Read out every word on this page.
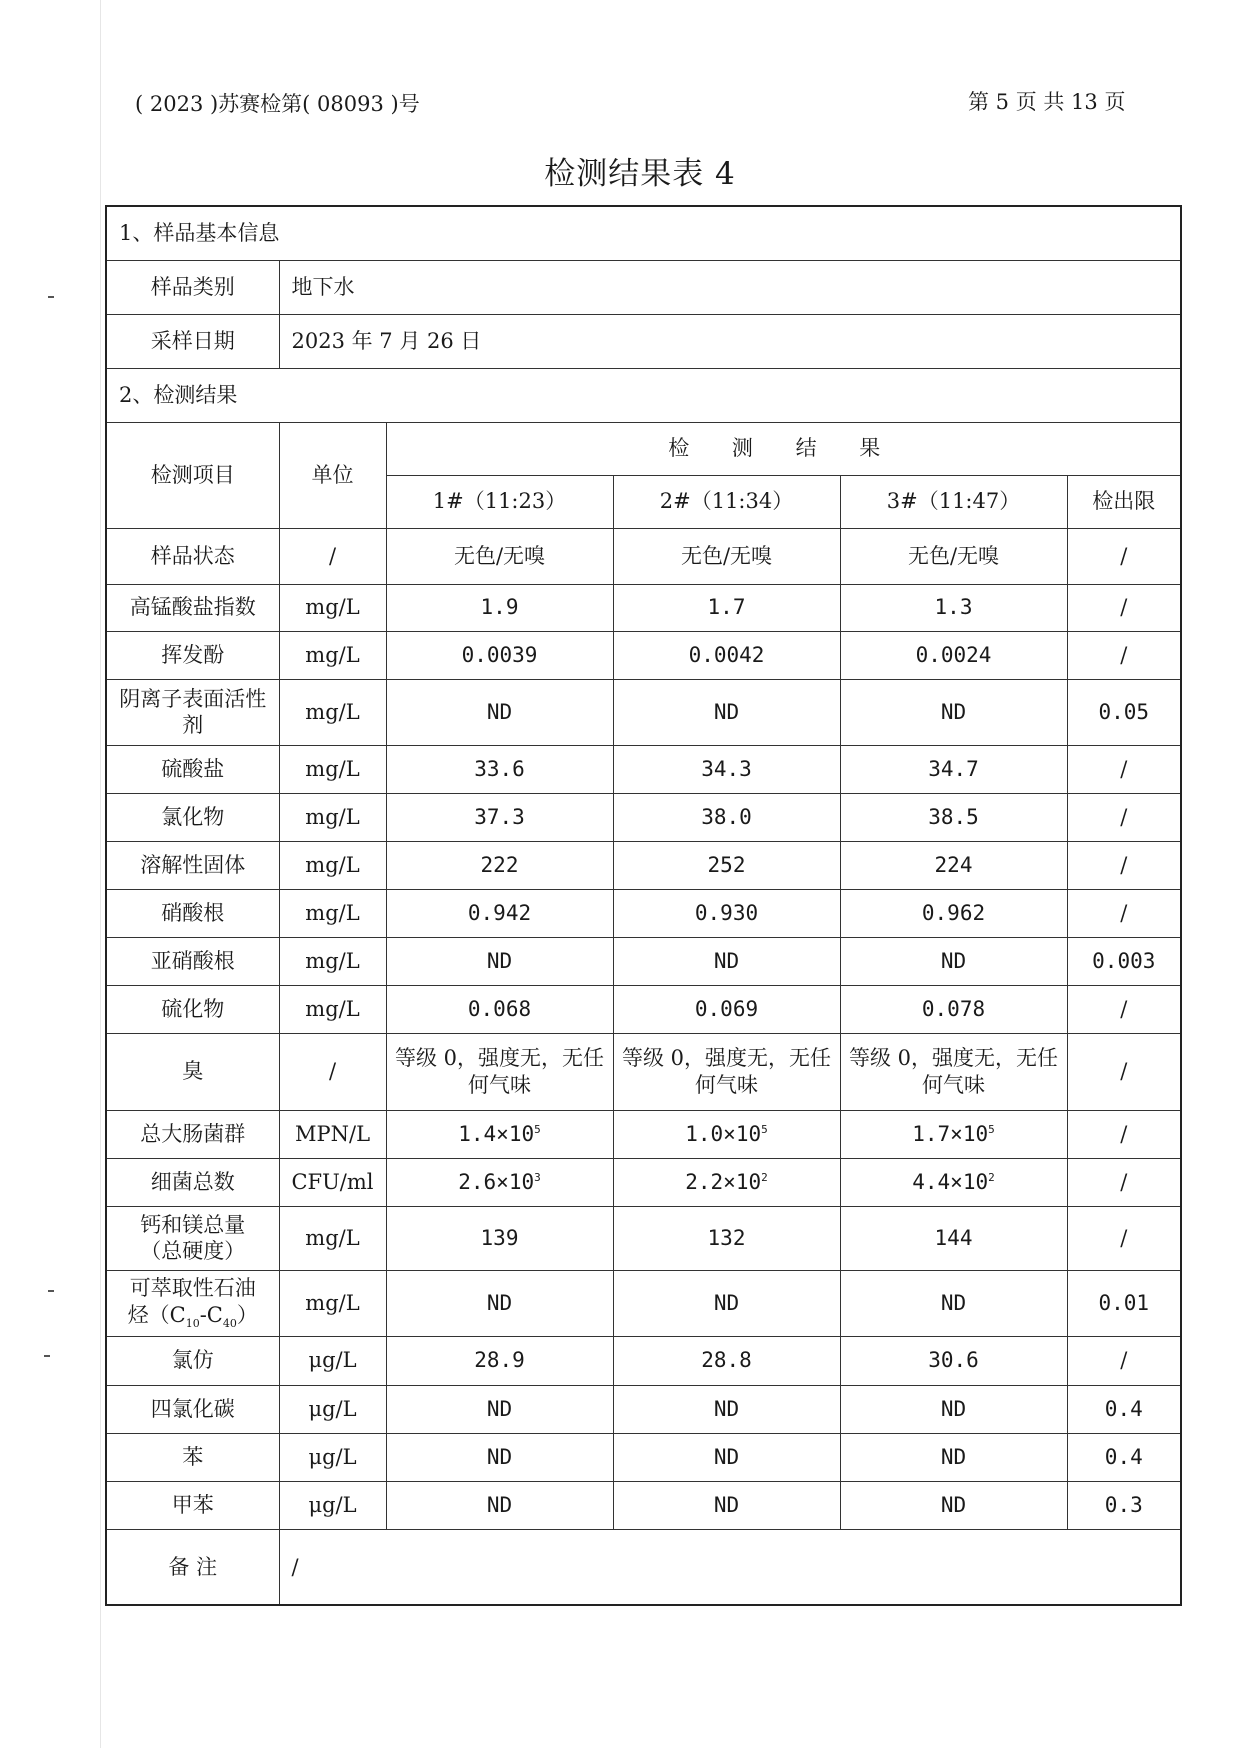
( 2023 )苏赛检第( 08093 )号	第 5 页 共 13 页
检测结果表 4
1、样品基本信息					
样品类别	地下水				
采样日期	2023 年 7 月 26 日				
2、检测结果					
检测项目	单位	检 测 结 果			
		1#（11:23）	2#（11:34）	3#（11:47）	检出限
样品状态	/	无色/无嗅	无色/无嗅	无色/无嗅	/
高锰酸盐指数	mg/L	1.9	1.7	1.3	/
挥发酚	mg/L	0.0039	0.0042	0.0024	/
阴离子表面活性剂	mg/L	ND	ND	ND	0.05
硫酸盐	mg/L	33.6	34.3	34.7	/
氯化物	mg/L	37.3	38.0	38.5	/
溶解性固体	mg/L	222	252	224	/
硝酸根	mg/L	0.942	0.930	0.962	/
亚硝酸根	mg/L	ND	ND	ND	0.003
硫化物	mg/L	0.068	0.069	0.078	/
臭	/	等级 0，强度无，无任何气味	等级 0，强度无，无任何气味	等级 0，强度无，无任何气味	/
总大肠菌群	MPN/L	$1.4\times 10^5$	$1.0\times 10^5$	$1.7\times 10^5$	/
细菌总数	CFU/ml	$2.6\times 10^3$	$2.2\times 10^2$	$4.4\times 10^2$	/

钙和镁总量
（总硬度）	mg/L	139	132	144	/

可萃取性石油
烃$(C_{10}-C_{40})$	mg/L	ND	ND	ND	0.01
氯仿	μg/L	28.9	28.8	30.6	/
四氯化碳	μg/L	ND	ND	ND	0.4
苯	μg/L	ND	ND	ND	0.4
甲苯	μg/L	ND	ND	ND	0.3
备 注	/				
